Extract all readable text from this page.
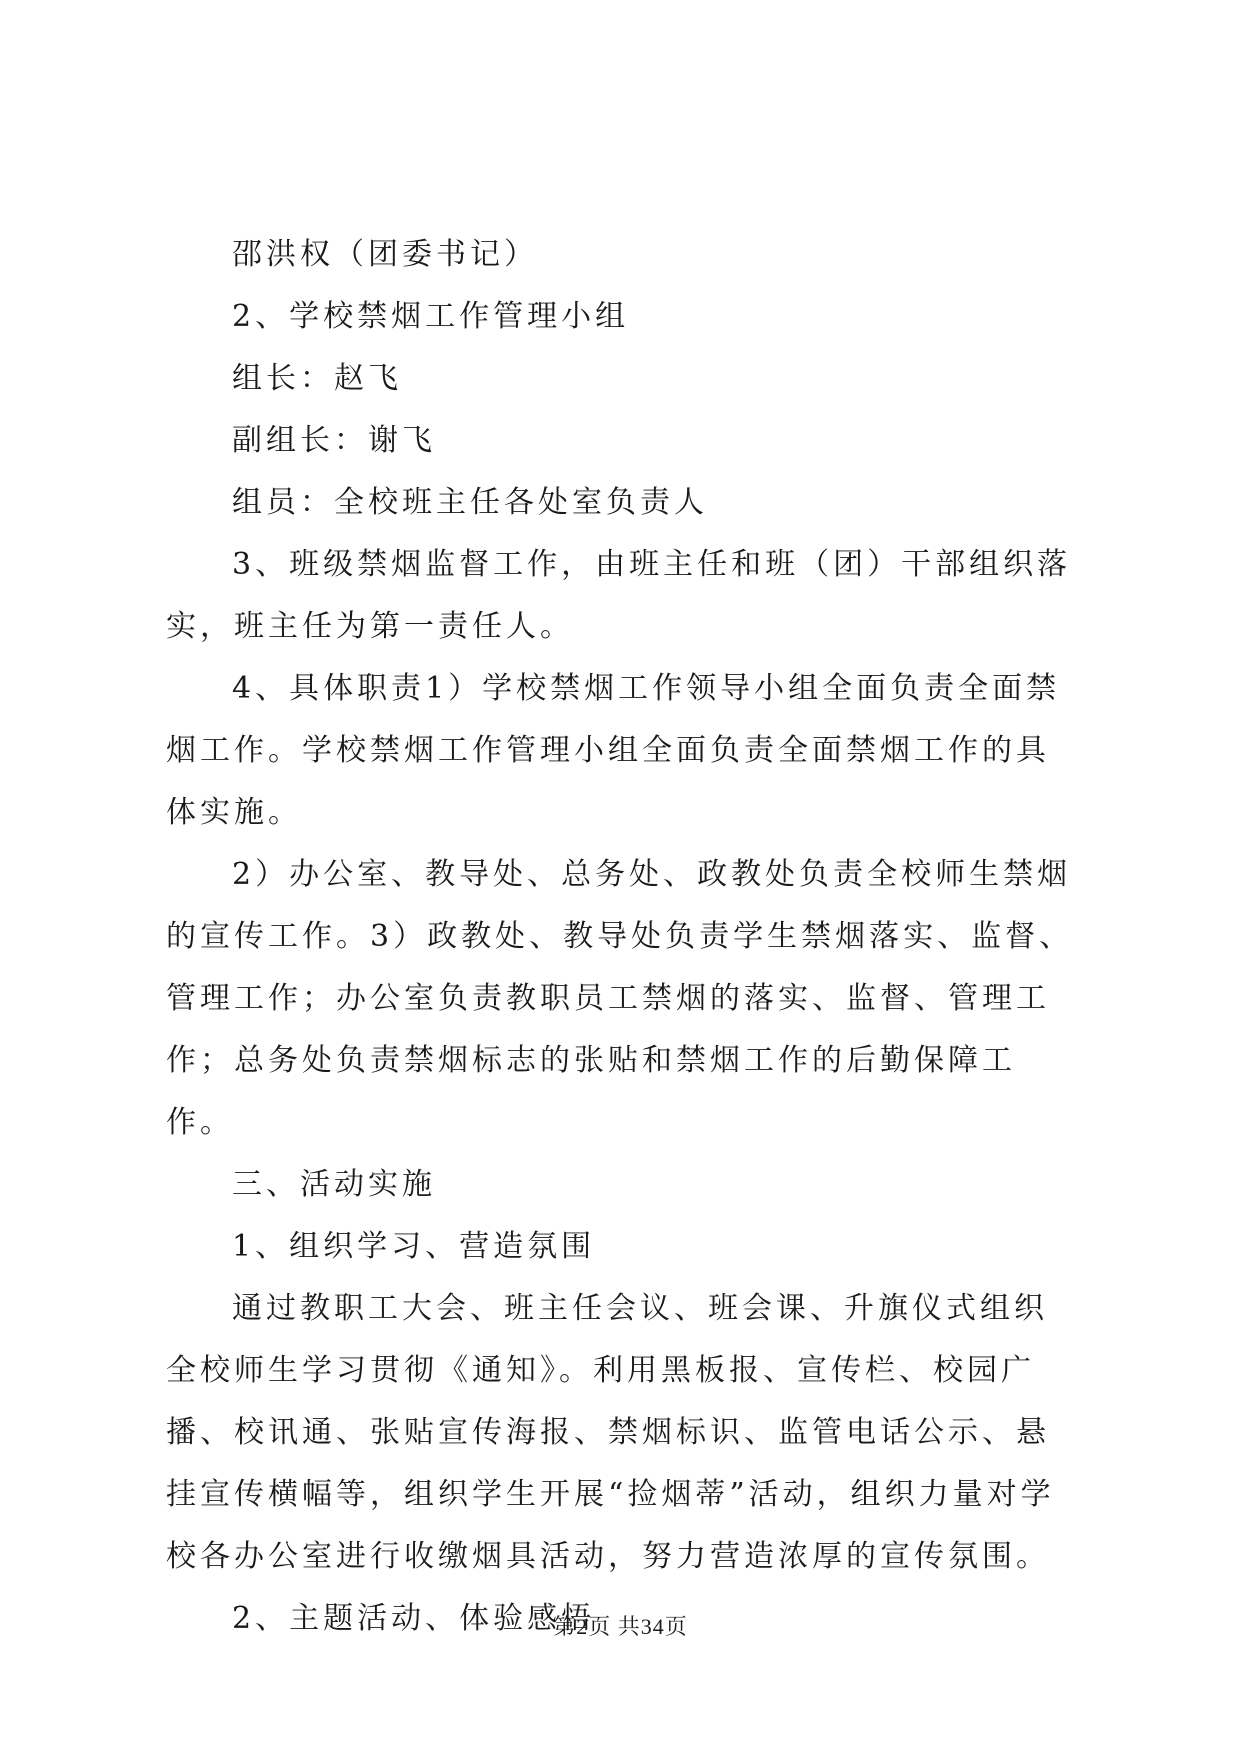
邵洪权（团委书记）

2、学校禁烟工作管理小组

组长：赵飞

副组长：谢飞

组员：全校班主任各处室负责人

3、班级禁烟监督工作，由班主任和班（团）干部组织落实，班主任为第一责任人。

4、具体职责1）学校禁烟工作领导小组全面负责全面禁烟工作。学校禁烟工作管理小组全面负责全面禁烟工作的具体实施。

2）办公室、教导处、总务处、政教处负责全校师生禁烟的宣传工作。3）政教处、教导处负责学生禁烟落实、监督、管理工作；办公室负责教职员工禁烟的落实、监督、管理工作；总务处负责禁烟标志的张贴和禁烟工作的后勤保障工作。

三、活动实施

1、组织学习、营造氛围

通过教职工大会、班主任会议、班会课、升旗仪式组织全校师生学习贯彻《通知》。利用黑板报、宣传栏、校园广播、校讯通、张贴宣传海报、禁烟标识、监管电话公示、悬挂宣传横幅等，组织学生开展“捡烟蒂”活动，组织力量对学校各办公室进行收缴烟具活动，努力营造浓厚的宣传氛围。

2、主题活动、体验感悟

第2页 共34页
